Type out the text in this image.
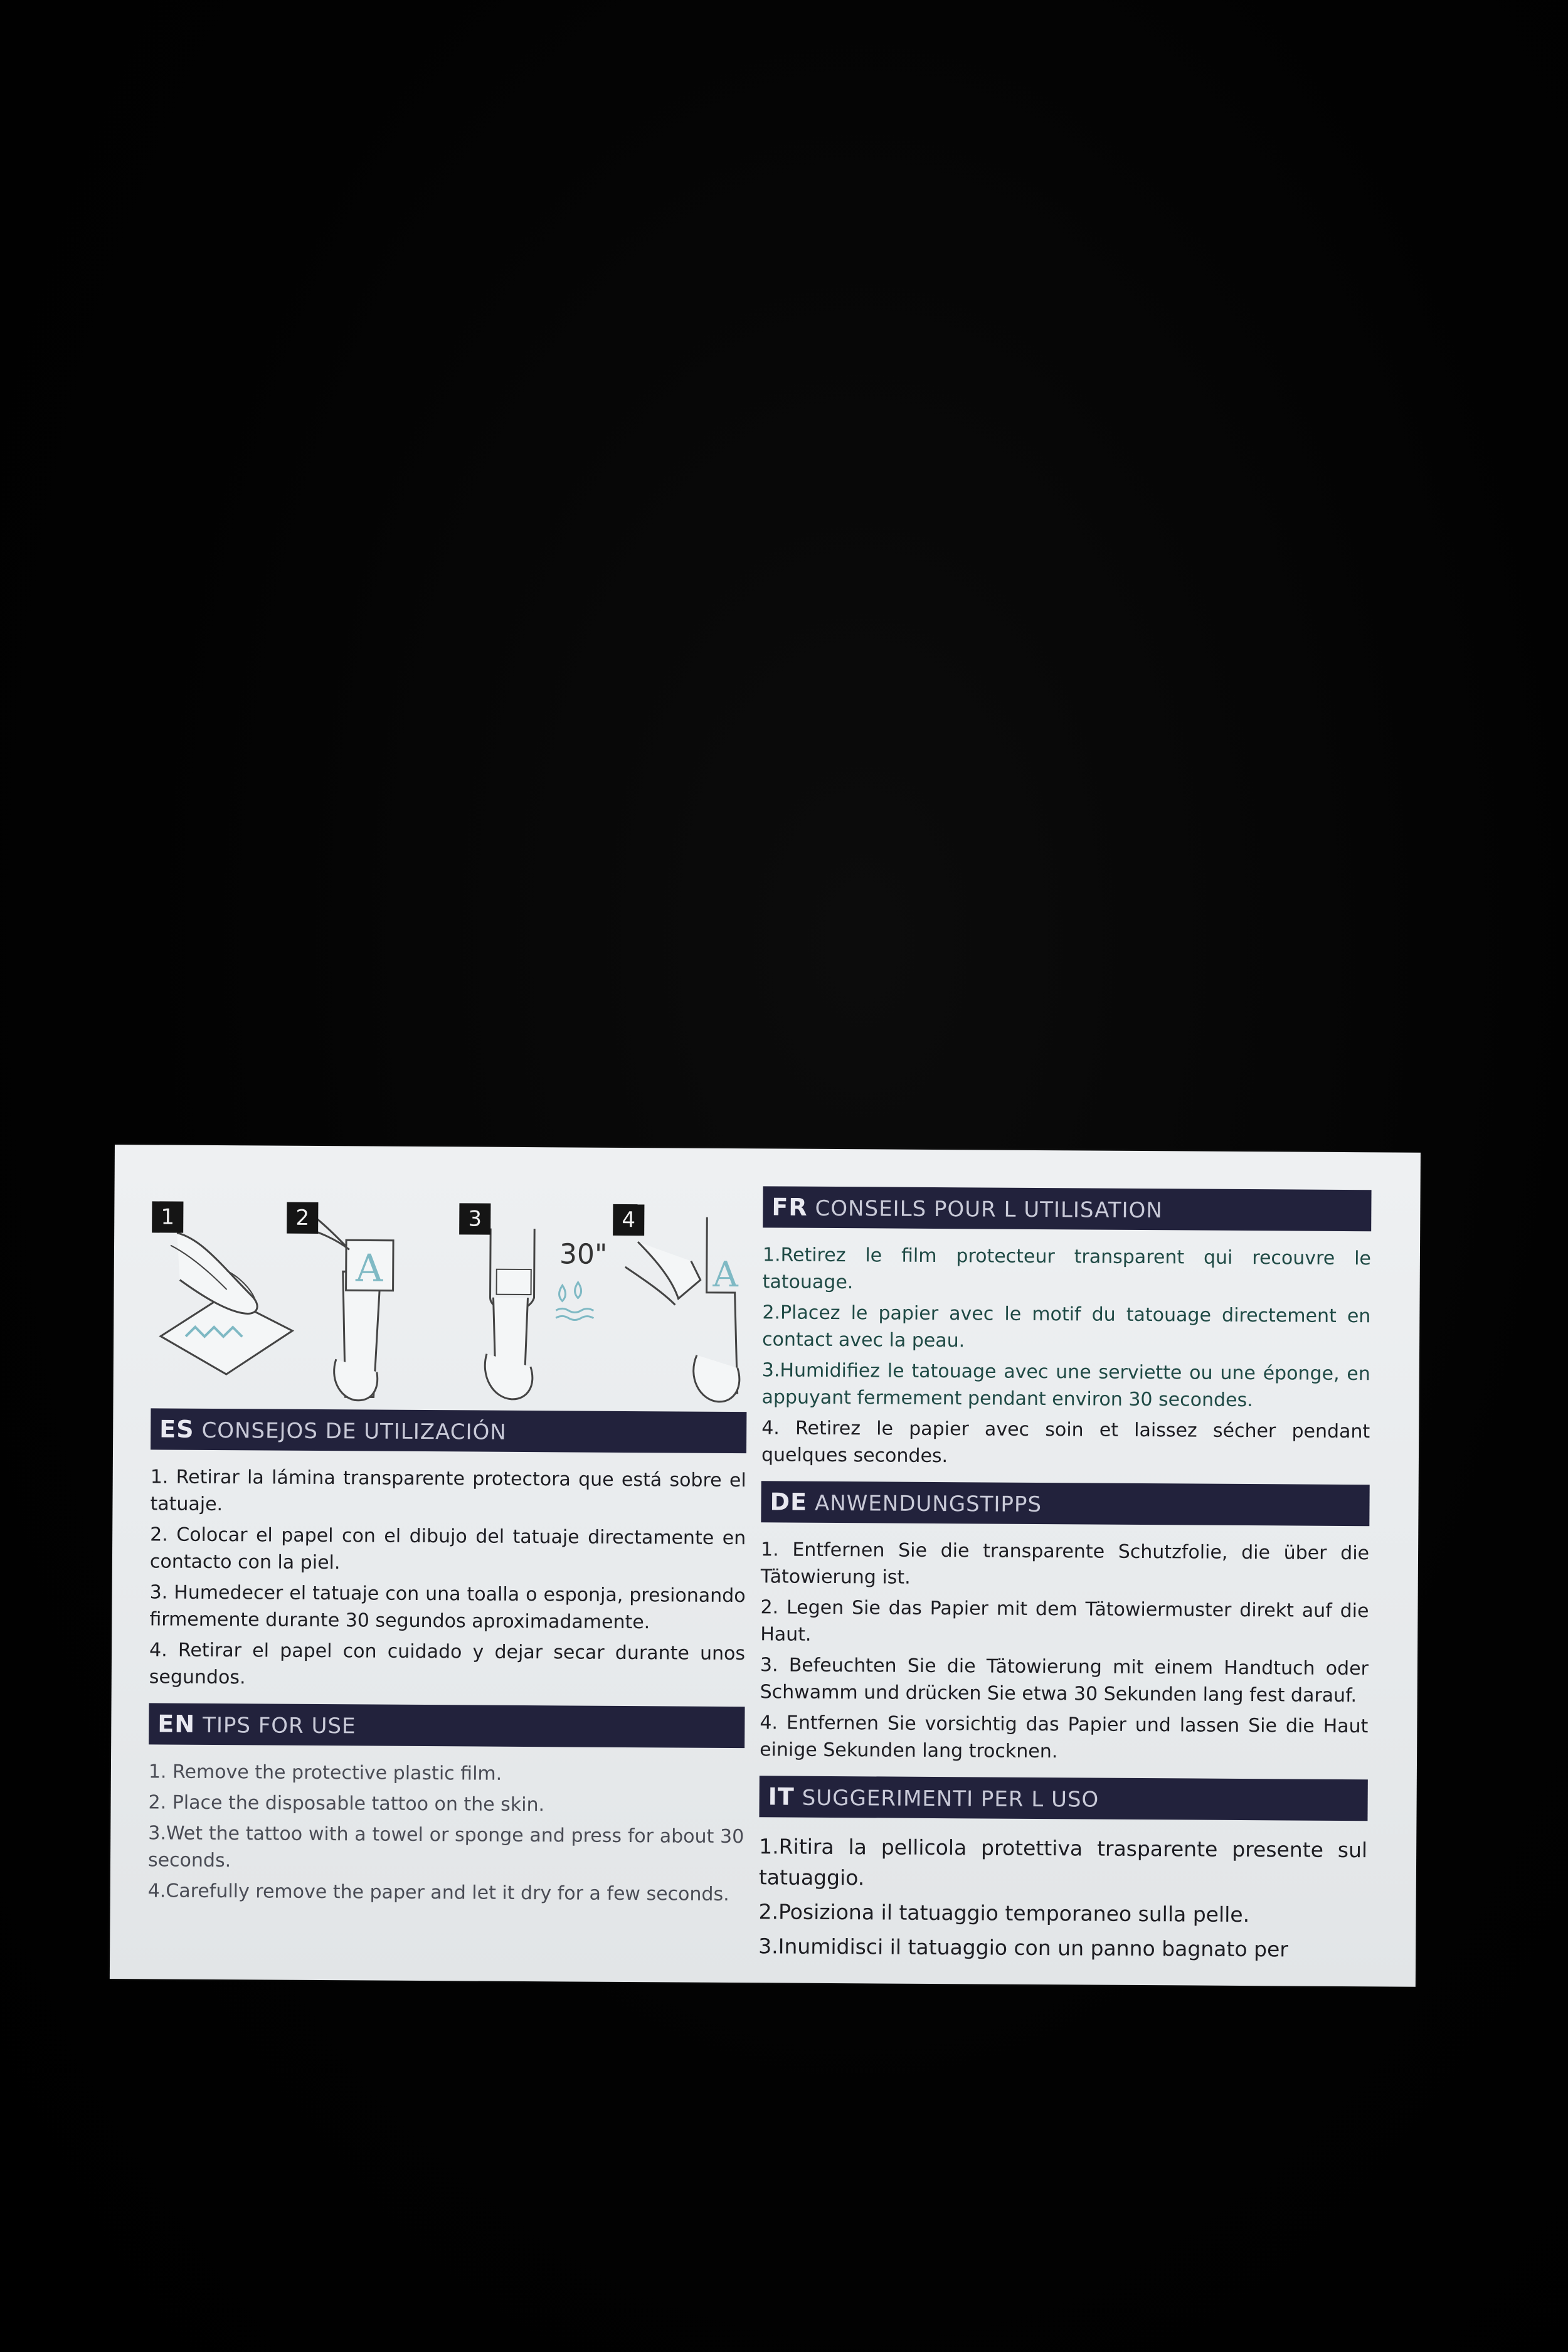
1
A
2
30"
3
A
4
ES CONSEJOS DE UTILIZACIÓN

1. Retirar la lámina transparente protectora que está sobre el tatuaje.

2. Colocar el papel con el dibujo del tatuaje directamente en contacto con la piel.

3. Humedecer el tatuaje con una toalla o esponja, presionando firmemente durante 30 segundos aproximadamente.

4. Retirar el papel con cuidado y dejar secar durante unos segundos.

EN TIPS FOR USE

1. Remove the protective plastic film.

2. Place the disposable tattoo on the skin.

3.Wet the tattoo with a towel or sponge and press for about 30 seconds.

4.Carefully remove the paper and let it dry for a few seconds.

FR CONSEILS POUR L UTILISATION

1.Retirez le film protecteur transparent qui recouvre le tatouage.

2.Placez le papier avec le motif du tatouage directement en contact avec la peau.

3.Humidifiez le tatouage avec une serviette ou une éponge, en appuyant fermement pendant environ 30 secondes.

4. Retirez le papier avec soin et laissez sécher pendant quelques secondes.

DE ANWENDUNGSTIPPS

1. Entfernen Sie die transparente Schutzfolie, die über die Tätowierung ist.

2. Legen Sie das Papier mit dem Tätowiermuster direkt auf die Haut.

3. Befeuchten Sie die Tätowierung mit einem Handtuch oder Schwamm und drücken Sie etwa 30 Sekunden lang fest darauf.

4. Entfernen Sie vorsichtig das Papier und lassen Sie die Haut einige Sekunden lang trocknen.

IT SUGGERIMENTI PER L USO

1.Ritira la pellicola protettiva trasparente presente sul tatuaggio.

2.Posiziona il tatuaggio temporaneo sulla pelle.

3.Inumidisci il tatuaggio con un panno bagnato per
